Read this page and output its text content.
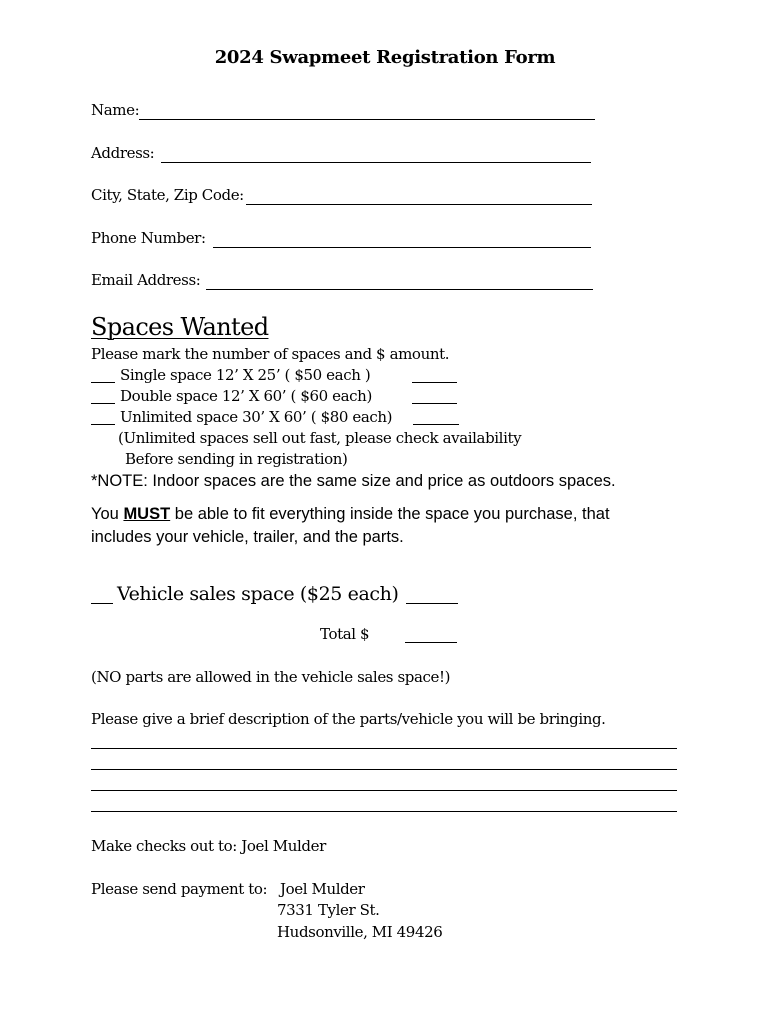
2024 Swapmeet Registration Form
Name:
Address:
City, State, Zip Code:
Phone Number:
Email Address:
Spaces Wanted
Please mark the number of spaces and $ amount.
Single space 12’ X 25’ ( $50 each )
Double space 12’ X 60’ ( $60 each)
Unlimited space 30’ X 60’ ( $80 each)
(Unlimited spaces sell out fast, please check availability
Before sending in registration)
*NOTE: Indoor spaces are the same size and price as outdoors spaces.
You MUST be able to fit everything inside the space you purchase, that
includes your vehicle, trailer, and the parts.
Vehicle sales space ($25 each)
Total $
(NO parts are allowed in the vehicle sales space!)
Please give a brief description of the parts/vehicle you will be bringing.
Make checks out to: Joel Mulder
Please send payment to: Joel Mulder
7331 Tyler St.
Hudsonville, MI 49426
